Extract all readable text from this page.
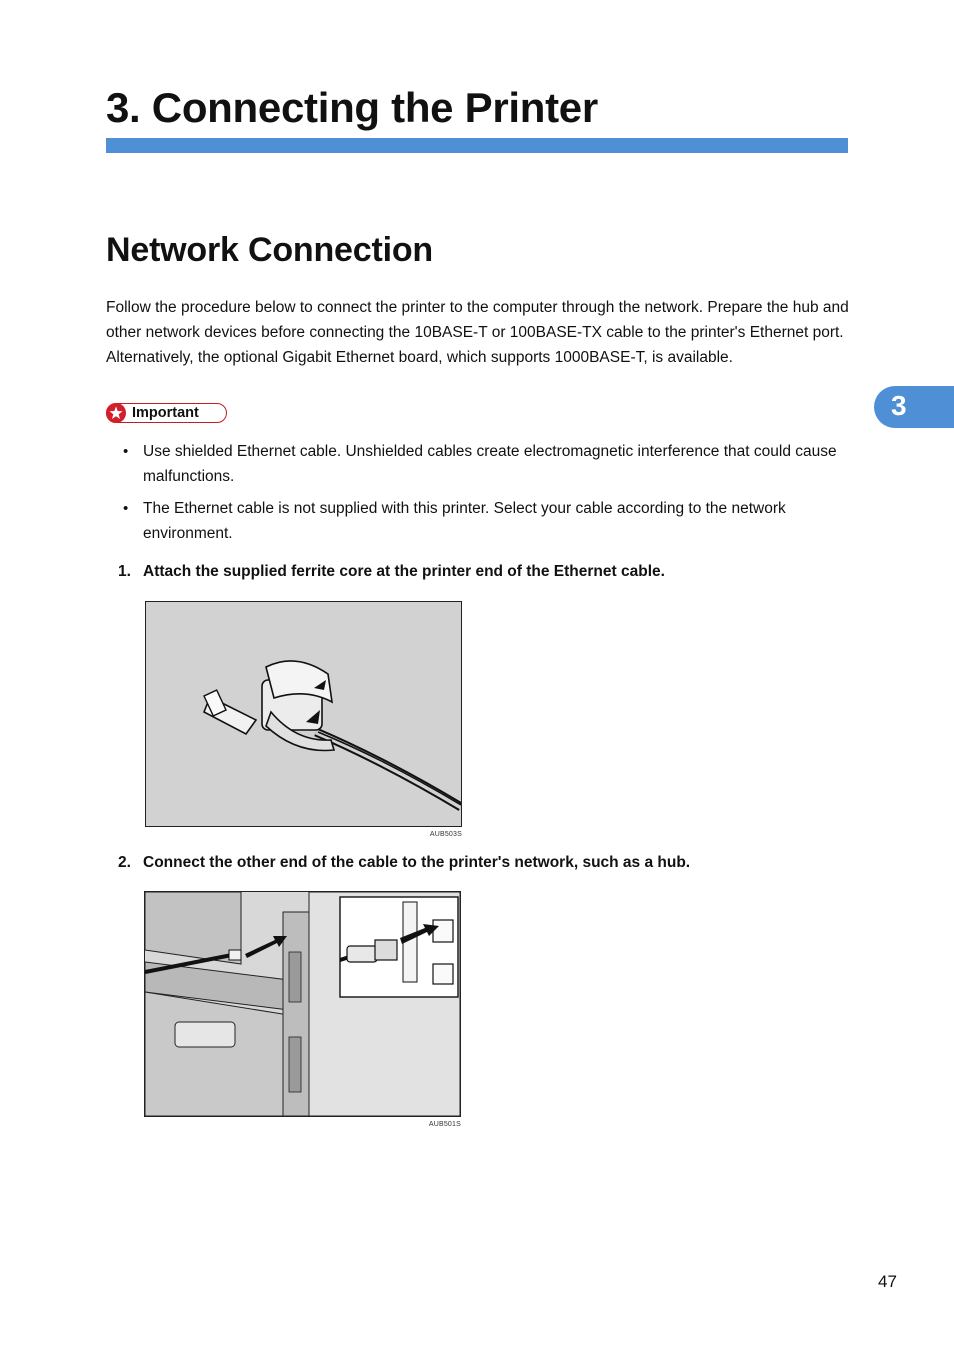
3. Connecting the Printer
3
Network Connection
Follow the procedure below to connect the printer to the computer through the network. Prepare the hub and other network devices before connecting the 10BASE-T or 100BASE-TX cable to the printer's Ethernet port.
Alternatively, the optional Gigabit Ethernet board, which supports 1000BASE-T, is available.
Important
• Use shielded Ethernet cable. Unshielded cables create electromagnetic interference that could cause malfunctions.
• The Ethernet cable is not supplied with this printer. Select your cable according to the network environment.
1. Attach the supplied ferrite core at the printer end of the Ethernet cable.
AUB503S
2. Connect the other end of the cable to the printer's network, such as a hub.
AUB501S
47
